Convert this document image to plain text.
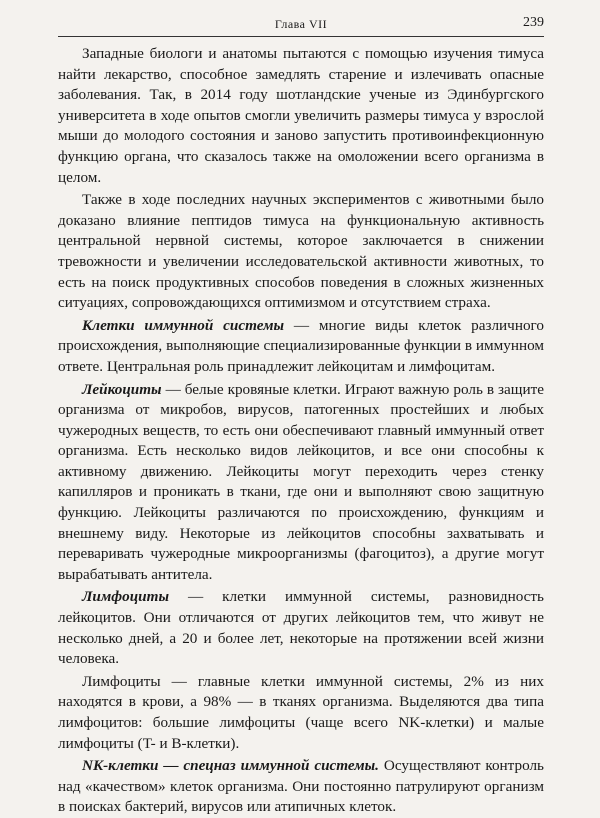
Глава VII	239

Западные биологи и анатомы пытаются с помощью изучения тимуса найти лекарство, способное замедлять старение и излечивать опасные заболевания. Так, в 2014 году шотландские ученые из Эдинбургского университета в ходе опытов смогли увеличить размеры тимуса у взрослой мыши до молодого состояния и заново запустить противоинфекционную функцию органа, что сказалось также на омоложении всего организма в целом.

Также в ходе последних научных экспериментов с животными было доказано влияние пептидов тимуса на функциональную активность центральной нервной системы, которое заключается в снижении тревожности и увеличении исследовательской активности животных, то есть на поиск продуктивных способов поведения в сложных жизненных ситуациях, сопровождающихся оптимизмом и отсутствием страха.

Клетки иммунной системы — многие виды клеток различного происхождения, выполняющие специализированные функции в иммунном ответе. Центральная роль принадлежит лейкоцитам и лимфоцитам.

Лейкоциты — белые кровяные клетки. Играют важную роль в защите организма от микробов, вирусов, патогенных простейших и любых чужеродных веществ, то есть они обеспечивают главный иммунный ответ организма. Есть несколько видов лейкоцитов, и все они способны к активному движению. Лейкоциты могут переходить через стенку капилляров и проникать в ткани, где они и выполняют свою защитную функцию. Лейкоциты различаются по происхождению, функциям и внешнему виду. Некоторые из лейкоцитов способны захватывать и переваривать чужеродные микроорганизмы (фагоцитоз), а другие могут вырабатывать антитела.

Лимфоциты — клетки иммунной системы, разновидность лейкоцитов. Они отличаются от других лейкоцитов тем, что живут не несколько дней, а 20 и более лет, некоторые на протяжении всей жизни человека.

Лимфоциты — главные клетки иммунной системы, 2% из них находятся в крови, а 98% — в тканях организма. Выделяются два типа лимфоцитов: большие лимфоциты (чаще всего NK-клетки) и малые лимфоциты (T- и B-клетки).

NK-клетки — спецназ иммунной системы. Осуществляют контроль над «качеством» клеток организма. Они постоянно патрулируют организм в поисках бактерий, вирусов или атипичных клеток.
